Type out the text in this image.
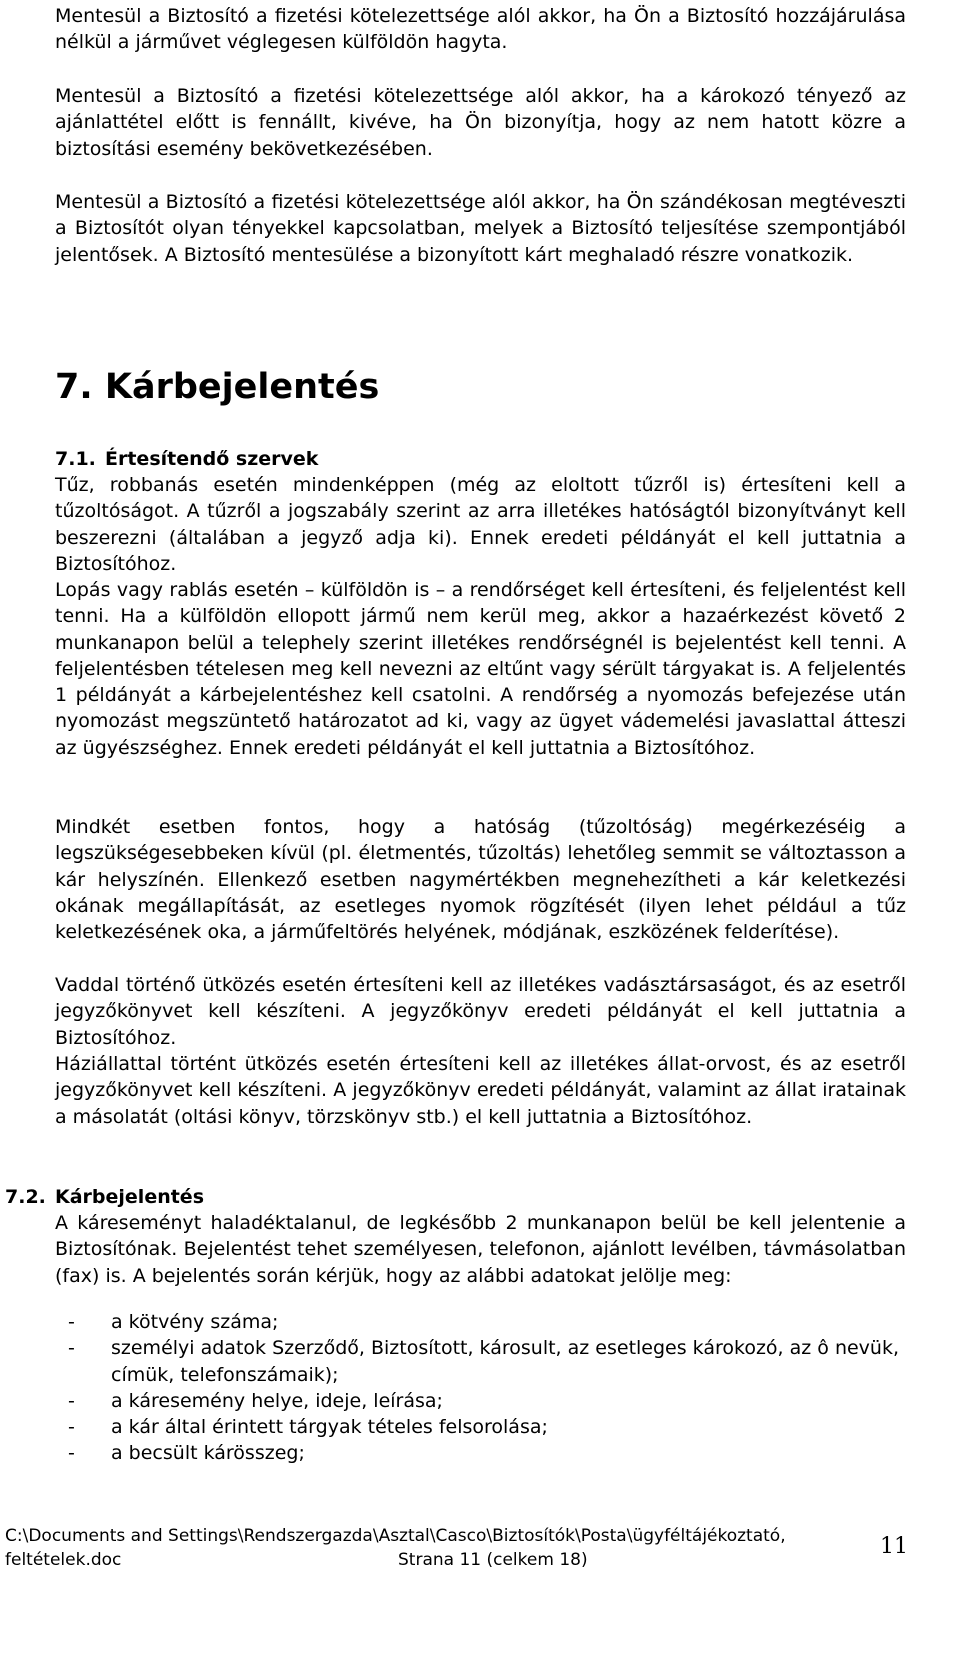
Mentesül a Biztosító a fizetési kötelezettsége alól akkor, ha Ön a Biztosító hozzájárulása nélkül a járművet véglegesen külföldön hagyta.

Mentesül a Biztosító a fizetési kötelezettsége alól akkor, ha a károkozó tényező az ajánlattétel előtt is fennállt, kivéve, ha Ön bizonyítja, hogy az nem hatott közre a biztosítási esemény bekövetkezésében.

Mentesül a Biztosító a fizetési kötelezettsége alól akkor, ha Ön szándékosan megtéveszti a Biztosítót olyan tényekkel kapcsolatban, melyek a Biztosító teljesítése szempontjából jelentősek. A Biztosító mentesülése a bizonyított kárt meghaladó részre vonatkozik.

7. Kárbejelentés
7.1. Értesítendő szervek

Tűz, robbanás esetén mindenképpen (még az eloltott tűzről is) értesíteni kell a tűzoltóságot. A tűzről a jogszabály szerint az arra illetékes hatóságtól bizonyítványt kell beszerezni (általában a jegyző adja ki). Ennek eredeti példányát el kell juttatnia a Biztosítóhoz.

Lopás vagy rablás esetén – külföldön is – a rendőrséget kell értesíteni, és feljelentést kell tenni. Ha a külföldön ellopott jármű nem kerül meg, akkor a hazaérkezést követő 2 munkanapon belül a telephely szerint illetékes rendőrségnél is bejelentést kell tenni. A feljelentésben tételesen meg kell nevezni az eltűnt vagy sérült tárgyakat is. A feljelentés 1 példányát a kárbejelentéshez kell csatolni. A rendőrség a nyomozás befejezése után nyomozást megszüntető határozatot ad ki, vagy az ügyet vádemelési javaslattal átteszi az ügyészséghez. Ennek eredeti példányát el kell juttatnia a Biztosítóhoz.

Mindkét esetben fontos, hogy a hatóság (tűzoltóság) megérkezéséig a legszükségesebbeken kívül (pl. életmentés, tűzoltás) lehetőleg semmit se változtasson a kár helyszínén. Ellenkező esetben nagymértékben megnehezítheti a kár keletkezési okának megállapítását, az esetleges nyomok rögzítését (ilyen lehet például a tűz keletkezésének oka, a járműfeltörés helyének, módjának, eszközének felderítése).

Vaddal történő ütközés esetén értesíteni kell az illetékes vadásztársaságot, és az esetről jegyzőkönyvet kell készíteni. A jegyzőkönyv eredeti példányát el kell juttatnia a Biztosítóhoz.

Háziállattal történt ütközés esetén értesíteni kell az illetékes állat-orvost, és az esetről jegyzőkönyvet kell készíteni. A jegyzőkönyv eredeti példányát, valamint az állat iratainak a másolatát (oltási könyv, törzskönyv stb.) el kell juttatnia a Biztosítóhoz.

7.2. Kárbejelentés

A káreseményt haladéktalanul, de legkésőbb 2 munkanapon belül be kell jelentenie a Biztosítónak. Bejelentést tehet személyesen, telefonon, ajánlott levélben, távmásolatban (fax) is. A bejelentés során kérjük, hogy az alábbi adatokat jelölje meg:

- a kötvény száma;
- személyi adatok Szerződő, Biztosított, károsult, az esetleges károkozó, az ô nevük, címük, telefonszámaik);
- a káresemény helye, ideje, leírása;
- a kár által érintett tárgyak tételes felsorolása;
- a becsült kárösszeg;
C:\Documents and Settings\Rendszergazda\Asztal\Casco\Biztosítók\Posta\ügyféltájékoztató,
feltételek.doc	Strana 11 (celkem 18)
11
